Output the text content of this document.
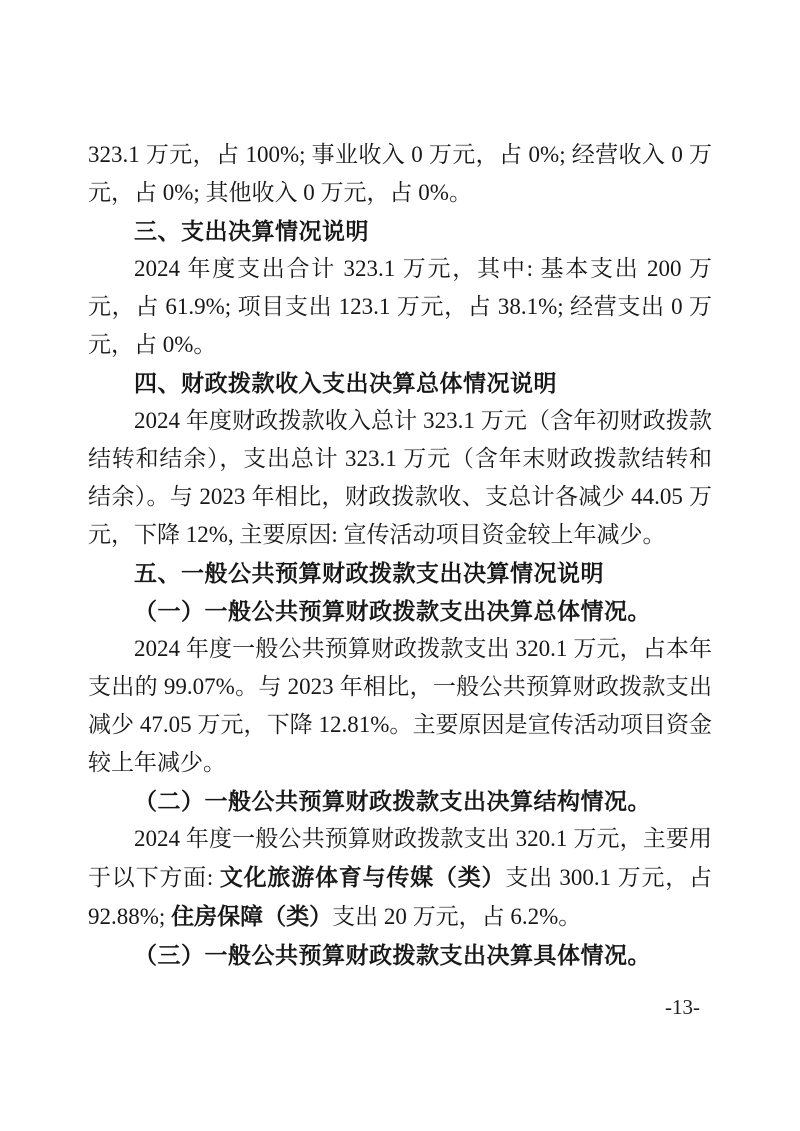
323.1 万元，占 100%; 事业收入 0 万元，占 0%; 经营收入 0 万元，占 0%; 其他收入 0 万元，占 0%。

三、支出决算情况说明

2024 年度支出合计 323.1 万元，其中: 基本支出 200 万元，占 61.9%; 项目支出 123.1 万元，占 38.1%; 经营支出 0 万元，占 0%。

四、财政拨款收入支出决算总体情况说明

2024 年度财政拨款收入总计 323.1 万元（含年初财政拨款结转和结余），支出总计 323.1 万元（含年末财政拨款结转和结余）。与 2023 年相比，财政拨款收、支总计各减少 44.05 万元，下降 12%, 主要原因: 宣传活动项目资金较上年减少。

五、一般公共预算财政拨款支出决算情况说明

（一）一般公共预算财政拨款支出决算总体情况。

2024 年度一般公共预算财政拨款支出 320.1 万元，占本年支出的 99.07%。与 2023 年相比，一般公共预算财政拨款支出减少 47.05 万元，下降 12.81%。主要原因是宣传活动项目资金较上年减少。

（二）一般公共预算财政拨款支出决算结构情况。

2024 年度一般公共预算财政拨款支出 320.1 万元，主要用于以下方面: 文化旅游体育与传媒（类）支出 300.1 万元，占 92.88%; 住房保障（类）支出 20 万元，占 6.2%。

（三）一般公共预算财政拨款支出决算具体情况。

-13-
